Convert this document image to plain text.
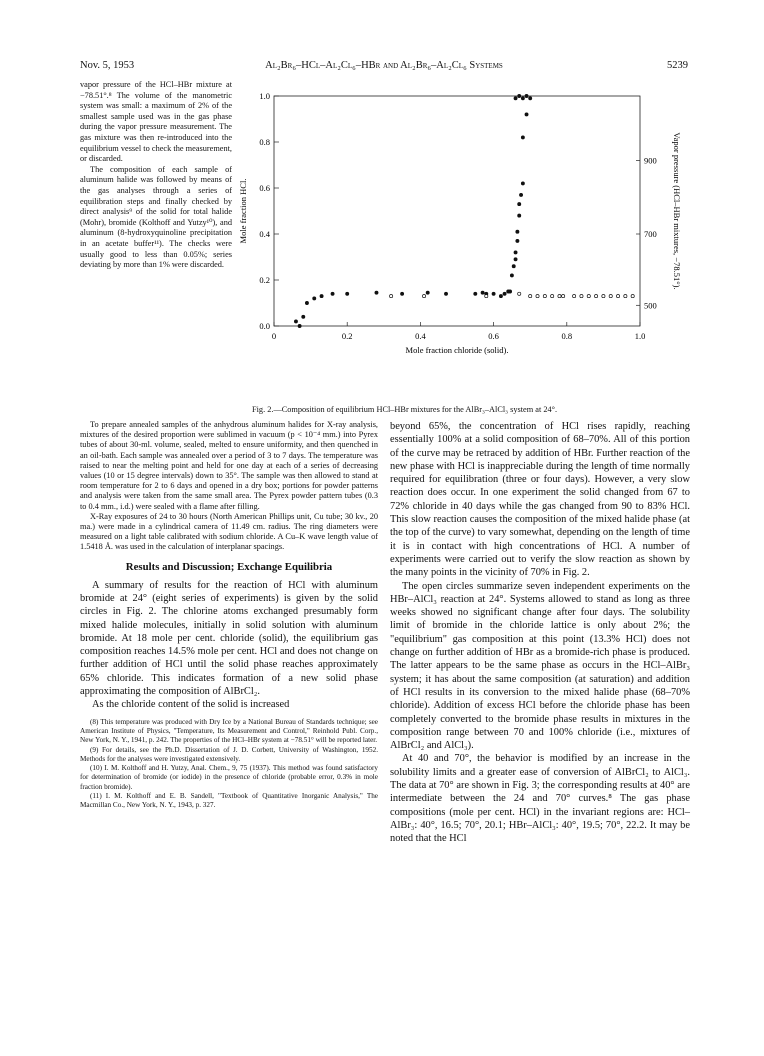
Nov. 5, 1953	Al₂Br₆–HCl–Al₂Cl₆–HBr and Al₂Br₆–Al₂Cl₆ Systems	5239

vapor pressure of the HCl–HBr mixture at −78.51°.⁸ The volume of the manometric system was small: a maximum of 2% of the smallest sample used was in the gas phase during the vapor pressure measurement. The gas mixture was then re-introduced into the equilibrium vessel to check the measurement, or discarded.

The composition of each sample of aluminum halide was followed by means of the gas analyses through a series of equilibration steps and finally checked by direct analysis⁹ of the solid for total halide (Mohr), bromide (Kolthoff and Yutzy¹⁰), and aluminum (8-hydroxyquinoline precipitation in an acetate buffer¹¹). The checks were usually good to less than 0.05%; series deviating by more than 1% were discarded.

0.0
0.2
0.4
0.6
0.8
1.0
0	0.2	0.4	0.6	0.8	1.0
500
700
900
Mole fraction chloride (solid).
Mole fraction HCl.	Vapor pressure (HCl–HBr mixtures, −78.51°).
Fig. 2.—Composition of equilibrium HCl–HBr mixtures for the AlBr₃–AlCl₃ system at 24°.

To prepare annealed samples of the anhydrous aluminum halides for X-ray analysis, mixtures of the desired proportion were sublimed in vacuum (p < 10⁻⁴ mm.) into Pyrex tubes of about 30-ml. volume, sealed, melted to ensure uniformity, and then quenched in an oil-bath. Each sample was annealed over a period of 3 to 7 days. The temperature was raised to near the melting point and held for one day at each of a series of decreasing values (10 or 15 degree intervals) down to 35°. The sample was then allowed to stand at room temperature for 2 to 6 days and opened in a dry box; portions for powder patterns and analysis were taken from the same small area. The Pyrex powder pattern tubes (0.3 to 0.4 mm., i.d.) were sealed with a flame after filling.

X-Ray exposures of 24 to 30 hours (North American Phillips unit, Cu tube; 30 kv., 20 ma.) were made in a cylindrical camera of 11.49 cm. radius. The ring diameters were measured on a light table calibrated with sodium chloride. A Cu–K wave length value of 1.5418 Å. was used in the calculation of interplanar spacings.

Results and Discussion; Exchange Equilibria

A summary of results for the reaction of HCl with aluminum bromide at 24° (eight series of experiments) is given by the solid circles in Fig. 2. The chlorine atoms exchanged presumably form mixed halide molecules, initially in solid solution with aluminum bromide. At 18 mole per cent. chloride (solid), the equilibrium gas composition reaches 14.5% mole per cent. HCl and does not change on further addition of HCl until the solid phase reaches approximately 65% chloride. This indicates formation of a new solid phase approximating the composition of AlBrCl₂.

As the chloride content of the solid is increased

(8) This temperature was produced with Dry Ice by a National Bureau of Standards technique; see American Institute of Physics, "Temperature, Its Measurement and Control," Reinhold Publ. Corp., New York, N. Y., 1941, p. 242. The properties of the HCl–HBr system at −78.51° will be reported later.

(9) For details, see the Ph.D. Dissertation of J. D. Corbett, University of Washington, 1952. Methods for the analyses were investigated extensively.

(10) I. M. Kolthoff and H. Yutzy, Anal. Chem., 9, 75 (1937). This method was found satisfactory for determination of bromide (or iodide) in the presence of chloride (probable error, 0.3% in mole fraction bromide).

(11) I. M. Kolthoff and E. B. Sandell, "Textbook of Quantitative Inorganic Analysis," The Macmillan Co., New York, N. Y., 1943, p. 327.

beyond 65%, the concentration of HCl rises rapidly, reaching essentially 100% at a solid composition of 68–70%. All of this portion of the curve may be retraced by addition of HBr. Further reaction of the new phase with HCl is inappreciable during the length of time normally required for equilibration (three or four days). However, a very slow reaction does occur. In one experiment the solid changed from 67 to 72% chloride in 40 days while the gas changed from 90 to 83% HCl. This slow reaction causes the composition of the mixed halide phase (at the top of the curve) to vary somewhat, depending on the length of time it is in contact with high concentrations of HCl. A number of experiments were carried out to verify the slow reaction as shown by the many points in the vicinity of 70% in Fig. 2.

The open circles summarize seven independent experiments on the HBr–AlCl₃ reaction at 24°. Systems allowed to stand as long as three weeks showed no significant change after four days. The solubility limit of bromide in the chloride lattice is only about 2%; the "equilibrium" gas composition at this point (13.3% HCl) does not change on further addition of HBr as a bromide-rich phase is produced. The latter appears to be the same phase as occurs in the HCl–AlBr₃ system; it has about the same composition (at saturation) and addition of HCl results in its conversion to the mixed halide phase (68–70% chloride). Addition of excess HCl before the chloride phase has been completely converted to the bromide phase results in mixtures in the composition range between 70 and 100% chloride (i.e., mixtures of AlBrCl₂ and AlCl₃).

At 40 and 70°, the behavior is modified by an increase in the solubility limits and a greater ease of conversion of AlBrCl₂ to AlCl₃. The data at 70° are shown in Fig. 3; the corresponding results at 40° are intermediate between the 24 and 70° curves.⁸ The gas phase compositions (mole per cent. HCl) in the invariant regions are: HCl–AlBr₃: 40°, 16.5; 70°, 20.1; HBr–AlCl₃: 40°, 19.5; 70°, 22.2. It may be noted that the HCl
